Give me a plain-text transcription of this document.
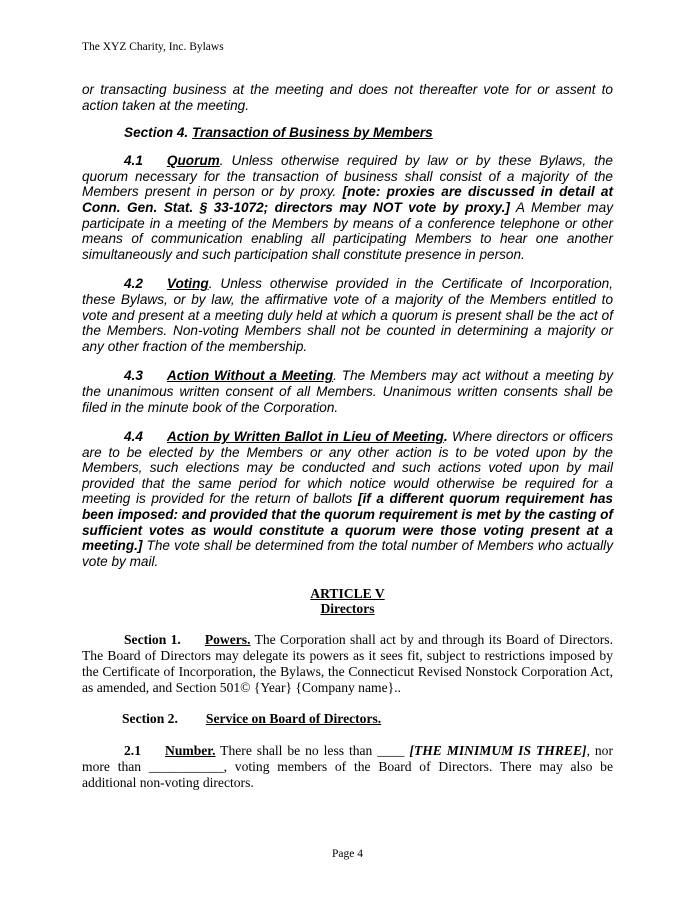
The XYZ Charity, Inc. Bylaws

or transacting business at the meeting and does not thereafter vote for or assent to action taken at the meeting.

Section 4. Transaction of Business by Members

4.1 Quorum. Unless otherwise required by law or by these Bylaws, the quorum necessary for the transaction of business shall consist of a majority of the Members present in person or by proxy. [note: proxies are discussed in detail at Conn. Gen. Stat. § 33-1072; directors may NOT vote by proxy.] A Member may participate in a meeting of the Members by means of a conference telephone or other means of communication enabling all participating Members to hear one another simultaneously and such participation shall constitute presence in person.

4.2 Voting. Unless otherwise provided in the Certificate of Incorporation, these Bylaws, or by law, the affirmative vote of a majority of the Members entitled to vote and present at a meeting duly held at which a quorum is present shall be the act of the Members. Non-voting Members shall not be counted in determining a majority or any other fraction of the membership.

4.3 Action Without a Meeting. The Members may act without a meeting by the unanimous written consent of all Members. Unanimous written consents shall be filed in the minute book of the Corporation.

4.4 Action by Written Ballot in Lieu of Meeting. Where directors or officers are to be elected by the Members or any other action is to be voted upon by the Members, such elections may be conducted and such actions voted upon by mail provided that the same period for which notice would otherwise be required for a meeting is provided for the return of ballots [if a different quorum requirement has been imposed: and provided that the quorum requirement is met by the casting of sufficient votes as would constitute a quorum were those voting present at a meeting.] The vote shall be determined from the total number of Members who actually vote by mail.

ARTICLE V

Directors

Section 1. Powers. The Corporation shall act by and through its Board of Directors. The Board of Directors may delegate its powers as it sees fit, subject to restrictions imposed by the Certificate of Incorporation, the Bylaws, the Connecticut Revised Nonstock Corporation Act, as amended, and Section 501© {Year} {Company name}..

Section 2. Service on Board of Directors.

2.1 Number. There shall be no less than ____ [THE MINIMUM IS THREE], nor more than ___________, voting members of the Board of Directors. There may also be additional non-voting directors.

Page 4
